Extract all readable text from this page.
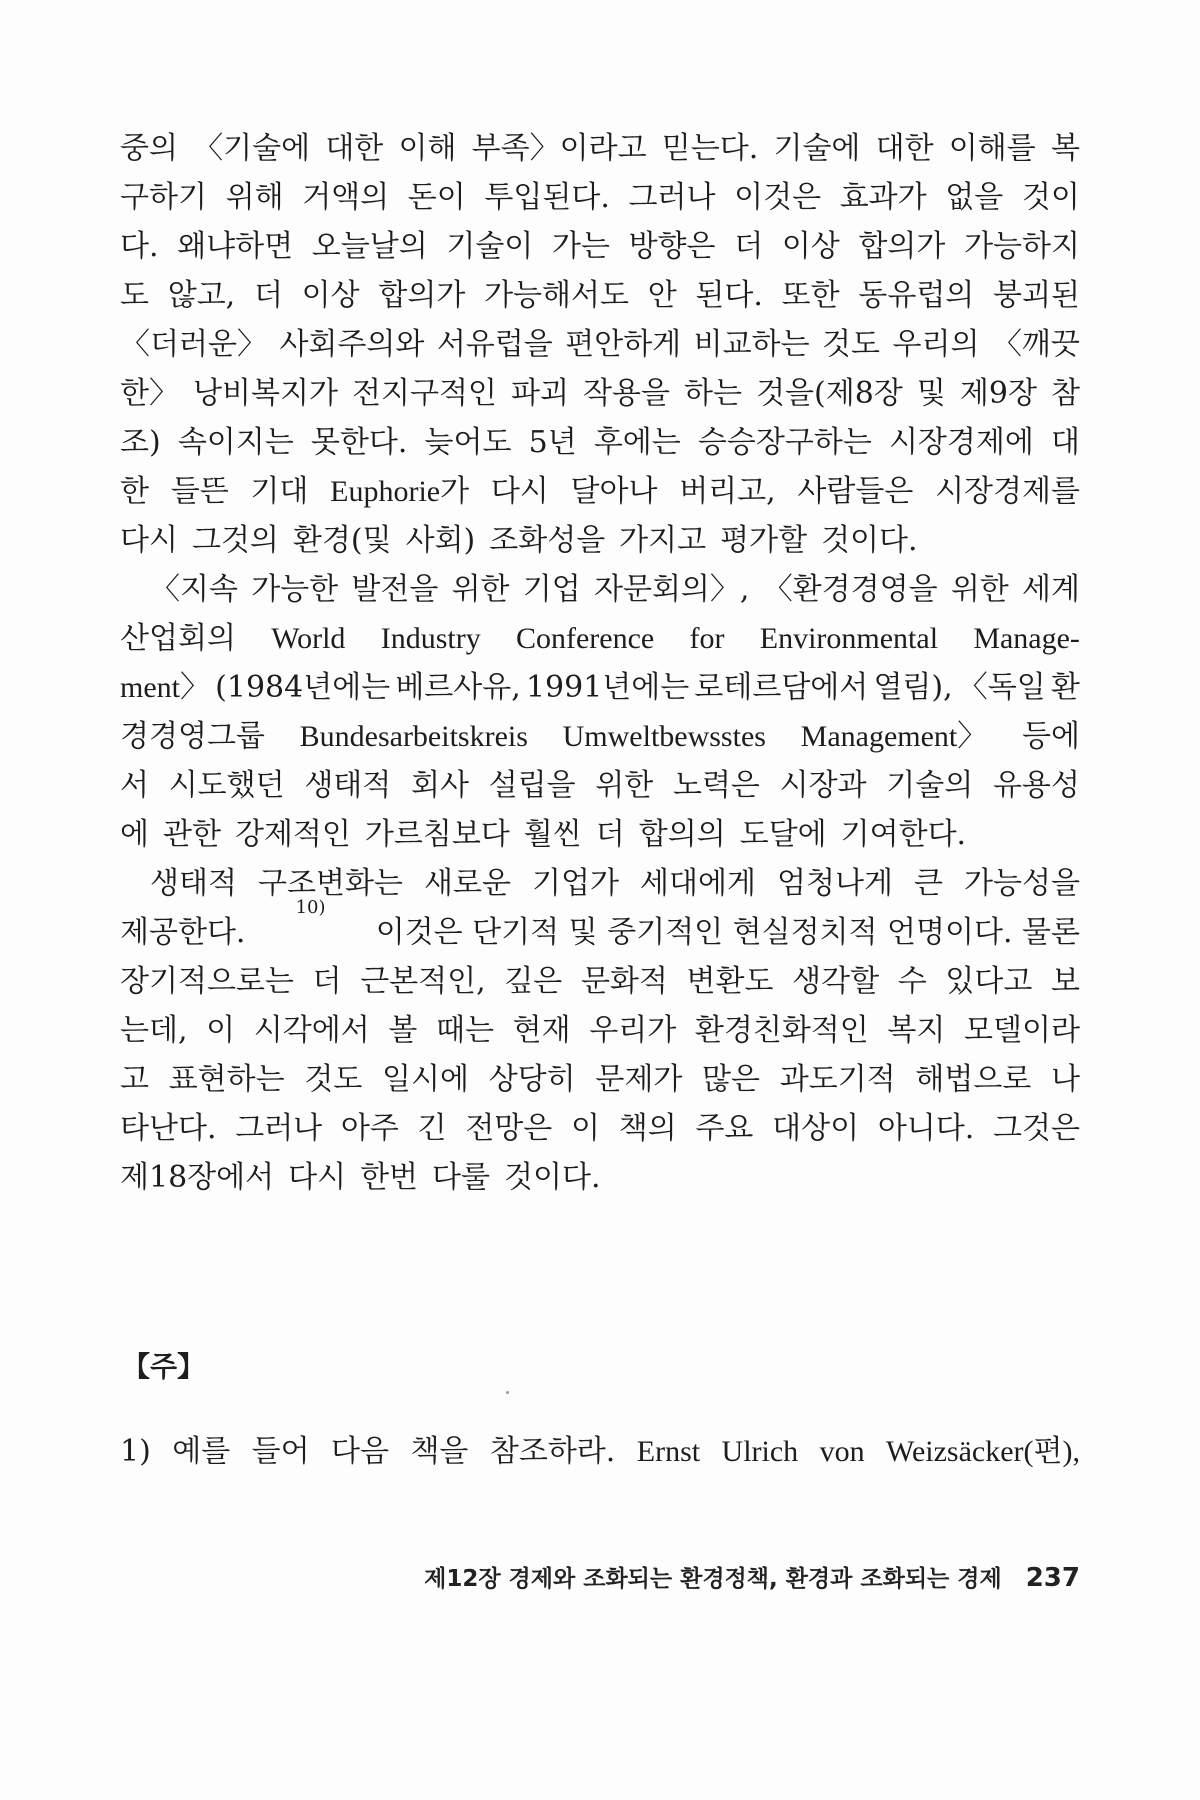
중의 〈기술에 대한 이해 부족〉이라고 믿는다. 기술에 대한 이해를 복
구하기 위해 거액의 돈이 투입된다. 그러나 이것은 효과가 없을 것이
다. 왜냐하면 오늘날의 기술이 가는 방향은 더 이상 합의가 가능하지
도 않고, 더 이상 합의가 가능해서도 안 된다. 또한 동유럽의 붕괴된
〈더러운〉 사회주의와 서유럽을 편안하게 비교하는 것도 우리의 〈깨끗
한〉 낭비복지가 전지구적인 파괴 작용을 하는 것을(제8장 및 제9장 참
조) 속이지는 못한다. 늦어도 5년 후에는 승승장구하는 시장경제에 대
한 들뜬 기대 Euphorie가 다시 달아나 버리고, 사람들은 시장경제를
다시 그것의 환경(및 사회) 조화성을 가지고 평가할 것이다.
〈지속 가능한 발전을 위한 기업 자문회의〉, 〈환경경영을 위한 세계
산업회의 World Industry Conference for Environmental Manage-
ment〉 (1984년에는 베르사유, 1991년에는 로테르담에서 열림), 〈독일 환
경경영그룹 Bundesarbeitskreis Umweltbewsstes Management〉 등에
서 시도했던 생태적 회사 설립을 위한 노력은 시장과 기술의 유용성
에 관한 강제적인 가르침보다 훨씬 더 합의의 도달에 기여한다.
생태적 구조변화는 새로운 기업가 세대에게 엄청나게 큰 가능성을
제공한다.
10)
이것은 단기적 및 중기적인 현실정치적 언명이다. 물론
장기적으로는 더 근본적인, 깊은 문화적 변환도 생각할 수 있다고 보
는데, 이 시각에서 볼 때는 현재 우리가 환경친화적인 복지 모델이라
고 표현하는 것도 일시에 상당히 문제가 많은 과도기적 해법으로 나
타난다. 그러나 아주 긴 전망은 이 책의 주요 대상이 아니다. 그것은
제18장에서 다시 한번 다룰 것이다.
【주】
1) 예를 들어 다음 책을 참조하라. Ernst Ulrich von Weizsäcker(편),
제12장 경제와 조화되는 환경정책, 환경과 조화되는 경제 237
